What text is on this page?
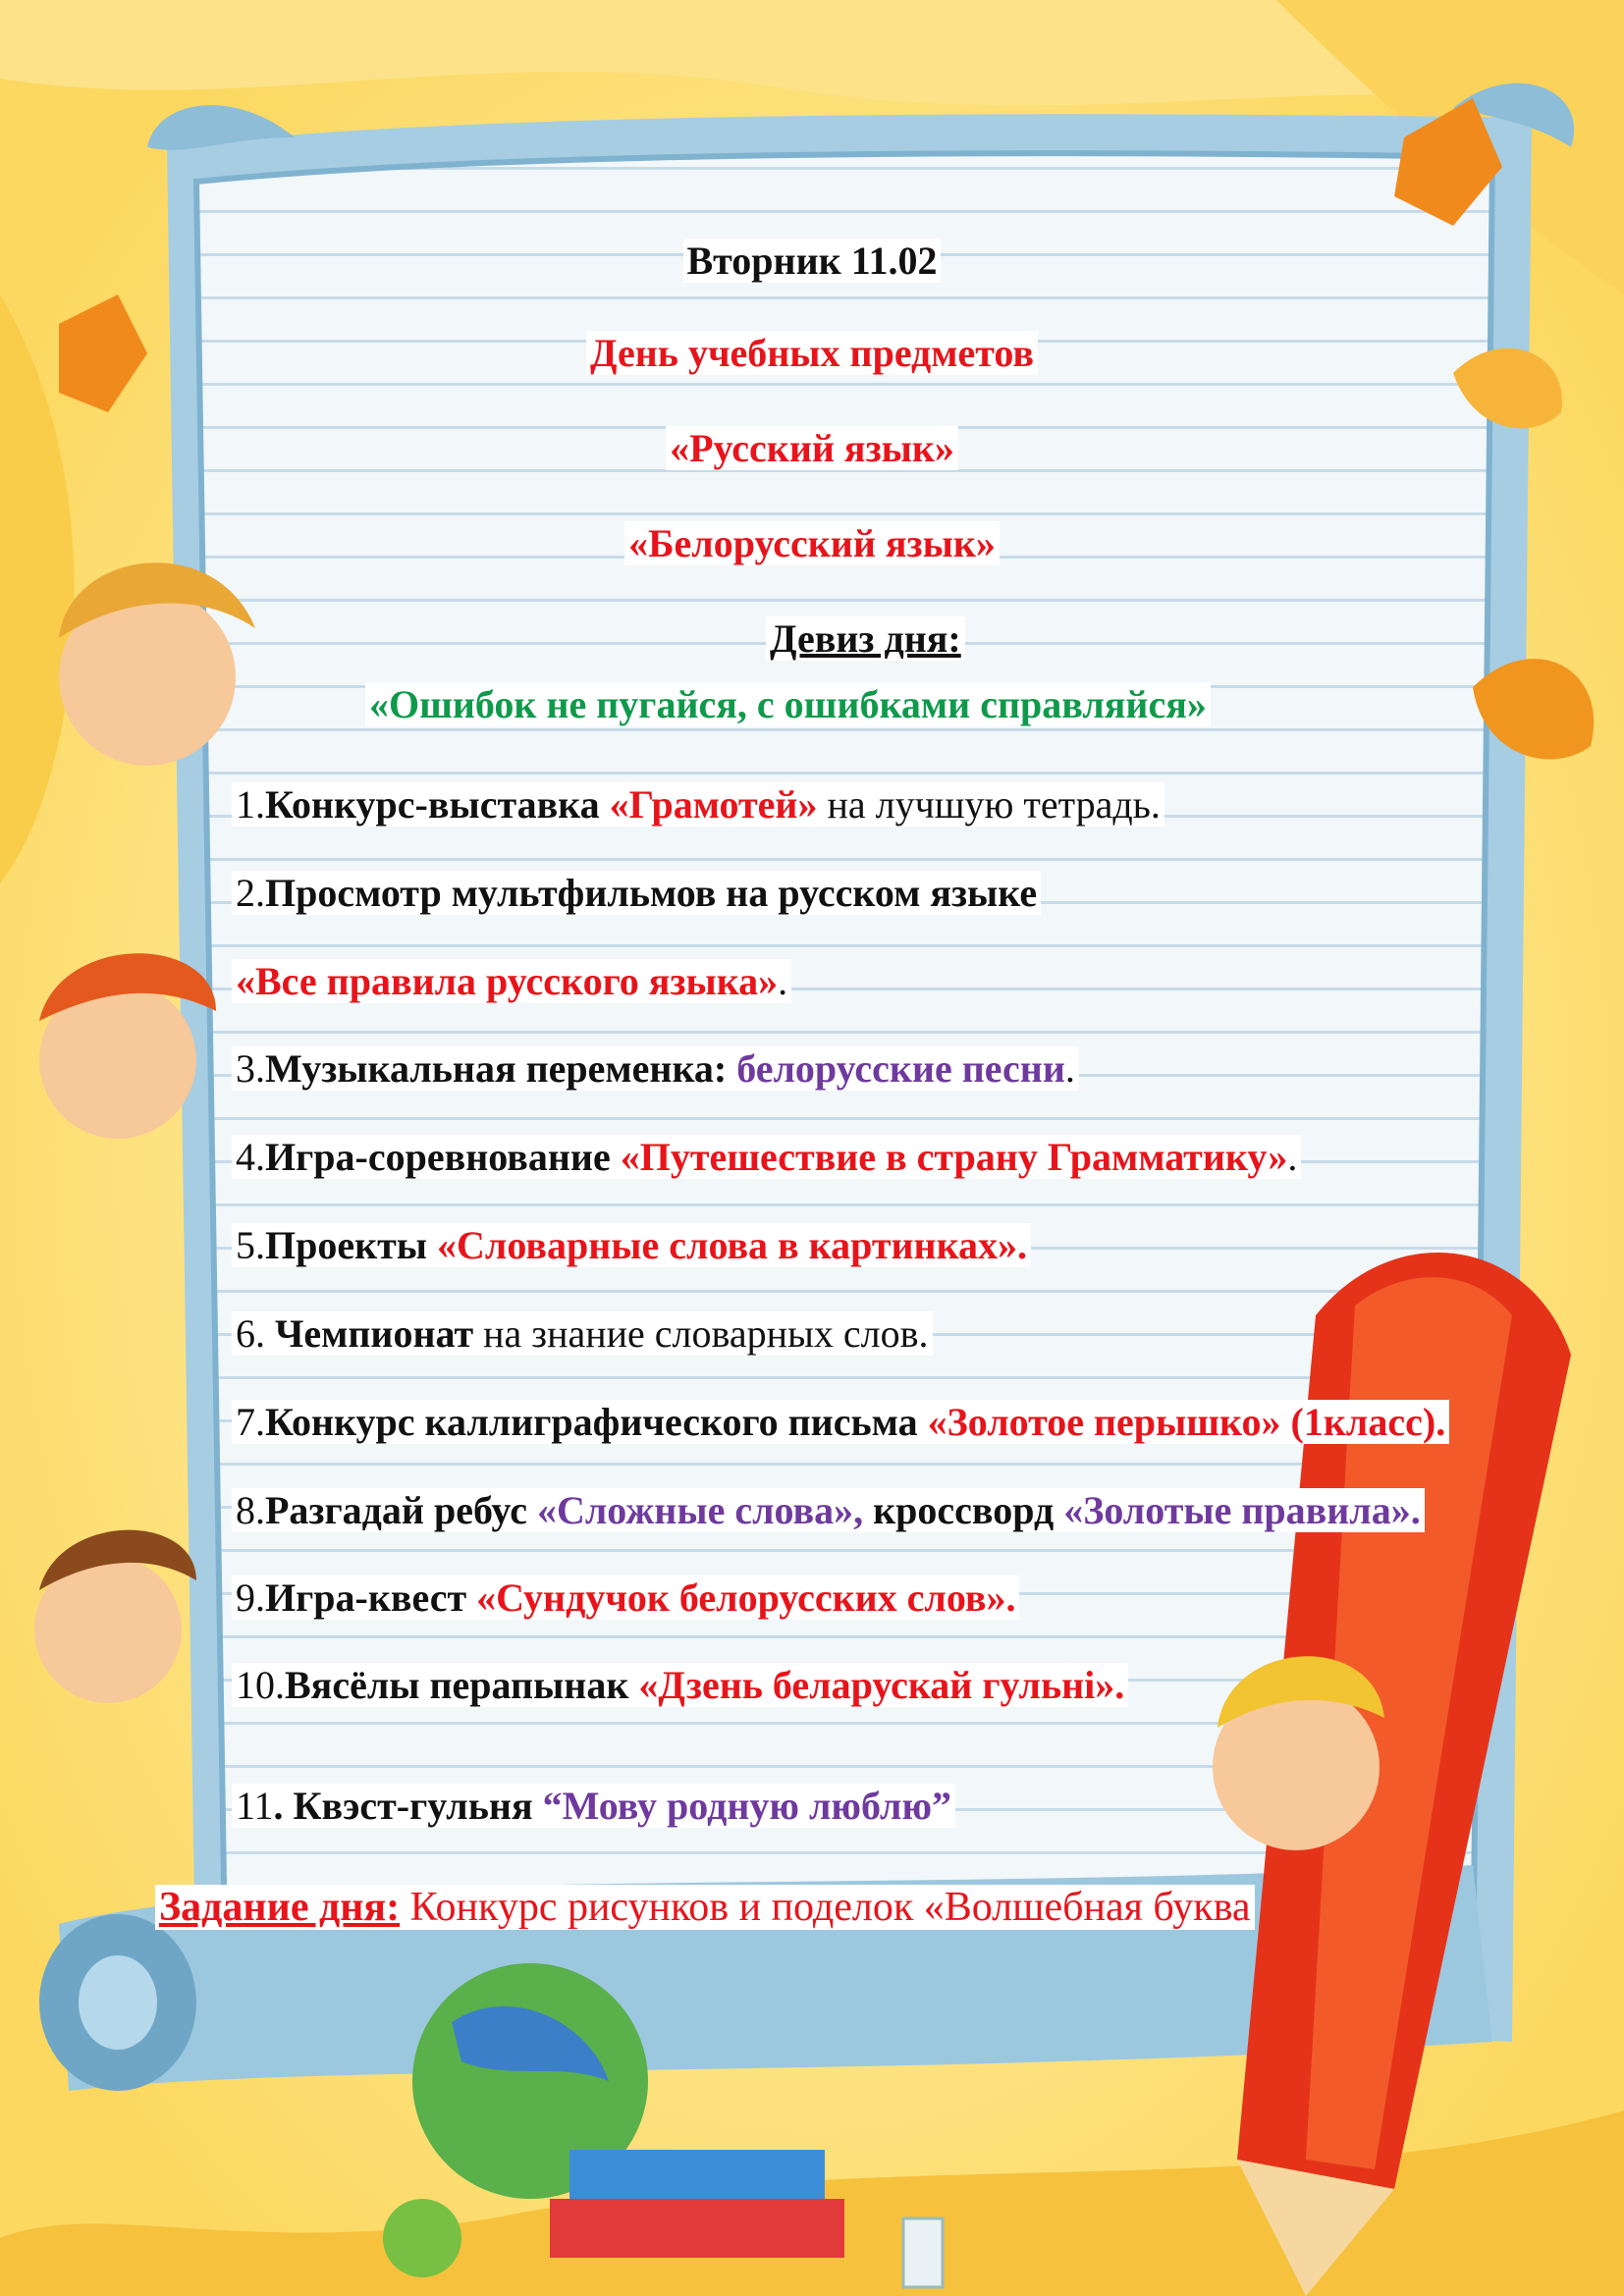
Вторник 11.02
День учебных предметов
«Русский язык»
«Белорусский язык»
Девиз дня:
«Ошибок не пугайся, с ошибками справляйся»
1.Конкурс-выставка «Грамотей» на лучшую тетрадь.
2.Просмотр мультфильмов на русском языке
«Все правила русского языка».
3.Музыкальная переменка: белорусские песни.
4.Игра-соревнование «Путешествие в страну Грамматику».
5.Проекты «Словарные слова в картинках».
6. Чемпионат на знание словарных слов.
7.Конкурс каллиграфического письма «Золотое перышко» (1класс).
8.Разгадай ребус «Сложные слова», кроссворд «Золотые правила».
9.Игра-квест «Сундучок белорусских слов».
10.Вясёлы перапынак «Дзень беларускай гульні».
11. Квэст-гульня “Мову родную люблю”
Задание дня: Конкурс рисунков и поделок «Волшебная буква
